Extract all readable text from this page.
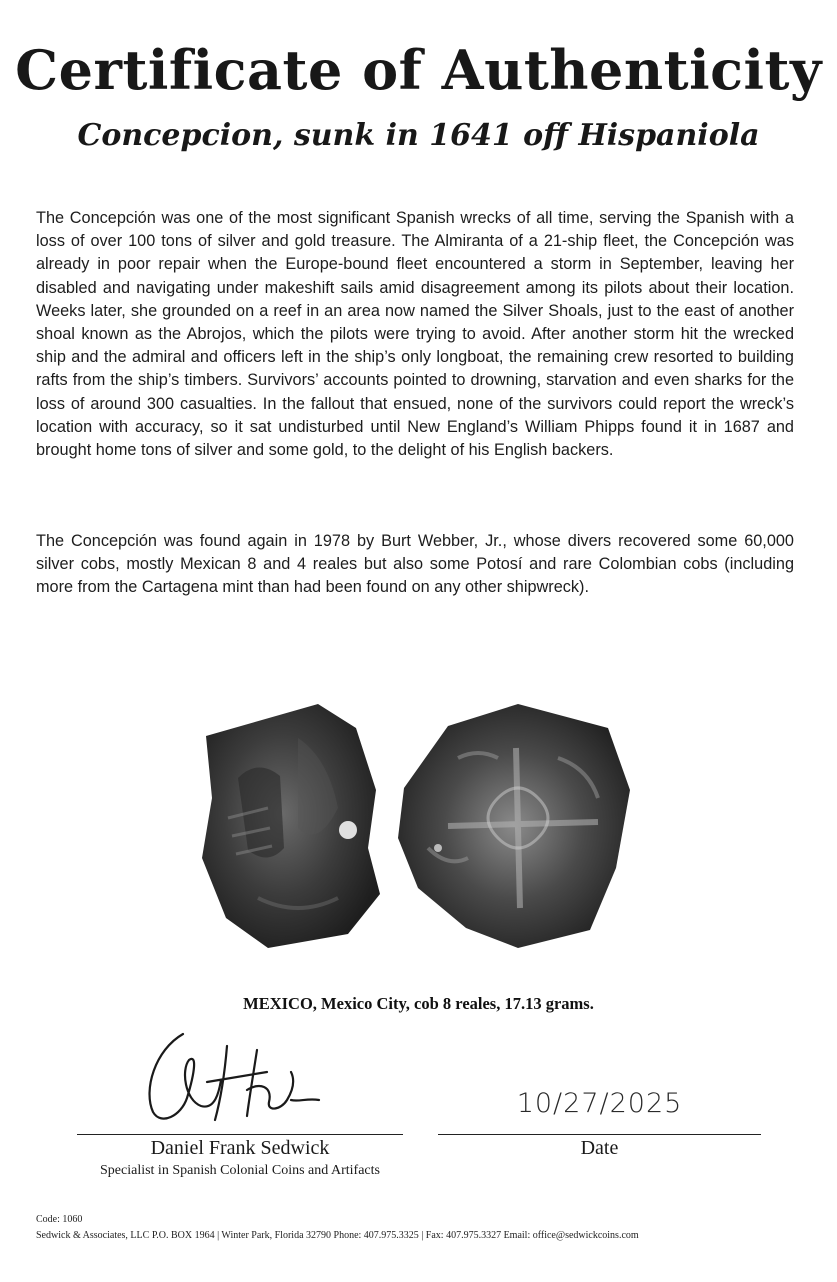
Certificate of Authenticity
Concepcion, sunk in 1641 off Hispaniola

The Concepción was one of the most significant Spanish wrecks of all time, serving the Spanish with a loss of over 100 tons of silver and gold treasure. The Almiranta of a 21-ship fleet, the Concepción was already in poor repair when the Europe-bound fleet encountered a storm in September, leaving her disabled and navigating under makeshift sails amid disagreement among its pilots about their location. Weeks later, she grounded on a reef in an area now named the Silver Shoals, just to the east of another shoal known as the Abrojos, which the pilots were trying to avoid. After another storm hit the wrecked ship and the admiral and officers left in the ship’s only longboat, the remaining crew resorted to building rafts from the ship’s timbers. Survivors’ accounts pointed to drowning, starvation and even sharks for the loss of around 300 casualties. In the fallout that ensued, none of the survivors could report the wreck’s location with accuracy, so it sat undisturbed until New England’s William Phipps found it in 1687 and brought home tons of silver and some gold, to the delight of his English backers.

The Concepción was found again in 1978 by Burt Webber, Jr., whose divers recovered some 60,000 silver cobs, mostly Mexican 8 and 4 reales but also some Potosí and rare Colombian cobs (including more from the Cartagena mint than had been found on any other shipwreck).

MEXICO, Mexico City, cob 8 reales, 17.13 grams.

Daniel Frank Sedwick
Specialist in Spanish Colonial Coins and Artifacts
10/27/2025
Date
Code: 1060
Sedwick & Associates, LLC P.O. BOX 1964 | Winter Park, Florida 32790 Phone: 407.975.3325 | Fax: 407.975.3327 Email: office@sedwickcoins.com
